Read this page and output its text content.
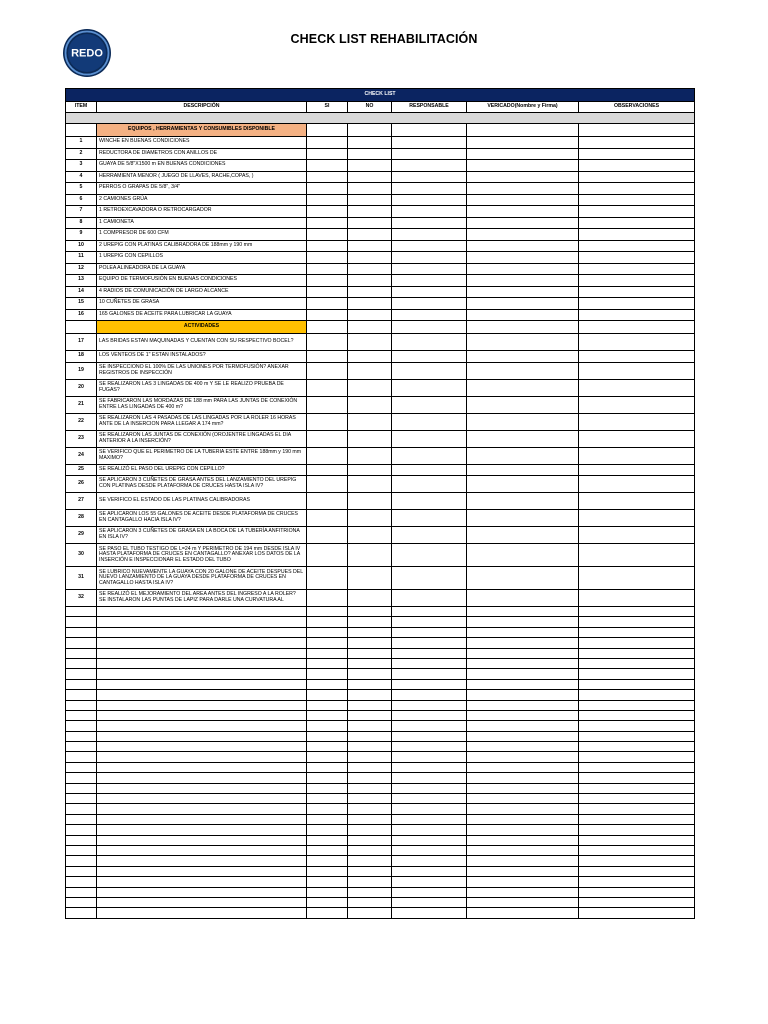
REDO
CHECK LIST REHABILITACIÓN
CHECK LIST						
ITEM	DESCRIPCIÓN	SI	NO	RESPONSABLE	VERICADO(Nombre y Firma)	OBSERVACIONES

	EQUIPOS , HERRAMIENTAS Y CONSUMIBLES DISPONIBLE					
1	WINCHE EN BUENAS CONDICIONES					
2	REDUCTORA DE DIAMETROS CON ANILLOS DE					
3	GUAYA DE 5/8"X1500 m EN BUENAS CONDICIONES					
4	HERRAMIENTA MENOR ( JUEGO DE LLAVES, RACHE,COPAS, )					
5	PERROS O GRAPAS DE 5/8", 3/4"					
6	2 CAMIONES GRÚA					
7	1 RETROEXCAVADORA O RETROCARGADOR					
8	1 CAMIONETA					
9	1 COMPRESOR DE 600 CFM					
10	2 UREPIG CON PLATINAS CALIBRADORA DE 188mm y 190 mm					
11	1 UREPIG CON CEPILLOS					
12	POLEA ALINEADORA DE LA GUAYA					
13	EQUIPO DE TERMOFUSIÓN EN BUENAS CONDICIONES					
14	4 RADIOS DE COMUNICACIÓN DE LARGO ALCANCE					
15	10 CUÑETES DE GRASA					
16	165 GALONES DE ACEITE PARA LUBRICAR LA GUAYA					
	ACTIVIDADES					
17	LAS BRIDAS ESTAN MAQUINADAS Y CUENTAN CON SU RESPECTIVO BOCEL?					
18	LOS VENTEOS DE 1" ESTAN INSTALADOS?					
19	SE INSPECCIONO EL 100% DE LAS UNIONES POR TERMOFUSIÓN? ANEXAR REGISTROS DE INSPECCIÓN					
20	SE REALIZARON LAS 3 LINGADAS DE 400 m Y SE LE REALIZO PRUEBA DE FUGAS?					
21	SE FABRICARON LAS MORDAZAS DE 188 mm PARA LAS JUNTAS DE CONEXIÓN ENTRE LAS LINGADAS DE 400 m?					
22	SE REALIZARON LAS 4 PASADAS DE LAS LINGADAS POR LA ROLER 16 HORAS ANTE DE LA INSERCION PARA LLEGAR A 174 mm?					
23	SE REALIZARON LAS JUNTAS DE CONEXIÓN (OROJENTRE LINGADAS EL DIA ANTERIOR A LA INSERCIÓN?					
24	SE VERIFICO QUE EL PERIMETRO DE LA TUBERIA ESTE ENTRE 188mm y 190 mm MAXIMO?					
25	SE REALIZÓ EL PASO DEL UREPIG CON CEPILLO?					
26	SE APLICARON 3 CUÑETES DE GRASA ANTES DEL LANZAMIENTO DEL UREPIG CON PLATINAS DESDE PLATAFORMA DE CRUCES HASTA ISLA IV?					
27	SE VERIFICO EL ESTADO DE LAS PLATINAS CALIBRADORAS					
28	SE APLICARON LOS 55 GALONES DE ACEITE DESDE PLATAFORMA DE CRUCES EN CANTAGALLO HACIA ISLA IV?					
29	SE APLICARON 3 CUÑETES DE GRASA EN LA BOCA DE LA TUBERÍA ANFITRIONA EN ISLA IV?					
30	SE PASO EL TUBO TESTIGO DE L=24 m Y PERIMETRO DE 194 mm DESDE ISLA IV HASTA PLATAFORMA DE CRUCES EN CANTAGALLO? ANEXAR LOS DATOS DE LA INSERCIÓN E INSPECCIONAR EL ESTADO DEL TUBO					
31	SE LUBRICO NUEVAMENTE LA GUAYA CON 20 GALONE DE ACEITE DESPUES DEL NUEVO LANZAMIENTO DE LA GUAYA DESDE PLATAFORMA DE CRUCES EN CANTAGALLO HASTA ISLA IV?					
32	SE REALIZÓ EL MEJORAMIENTO DEL AREA ANTES DEL INGRESO A LA ROLER? SE INSTALARON LAS PUNTAS DE LAPIZ PARA DARLE UNA CURVATURA AL					
